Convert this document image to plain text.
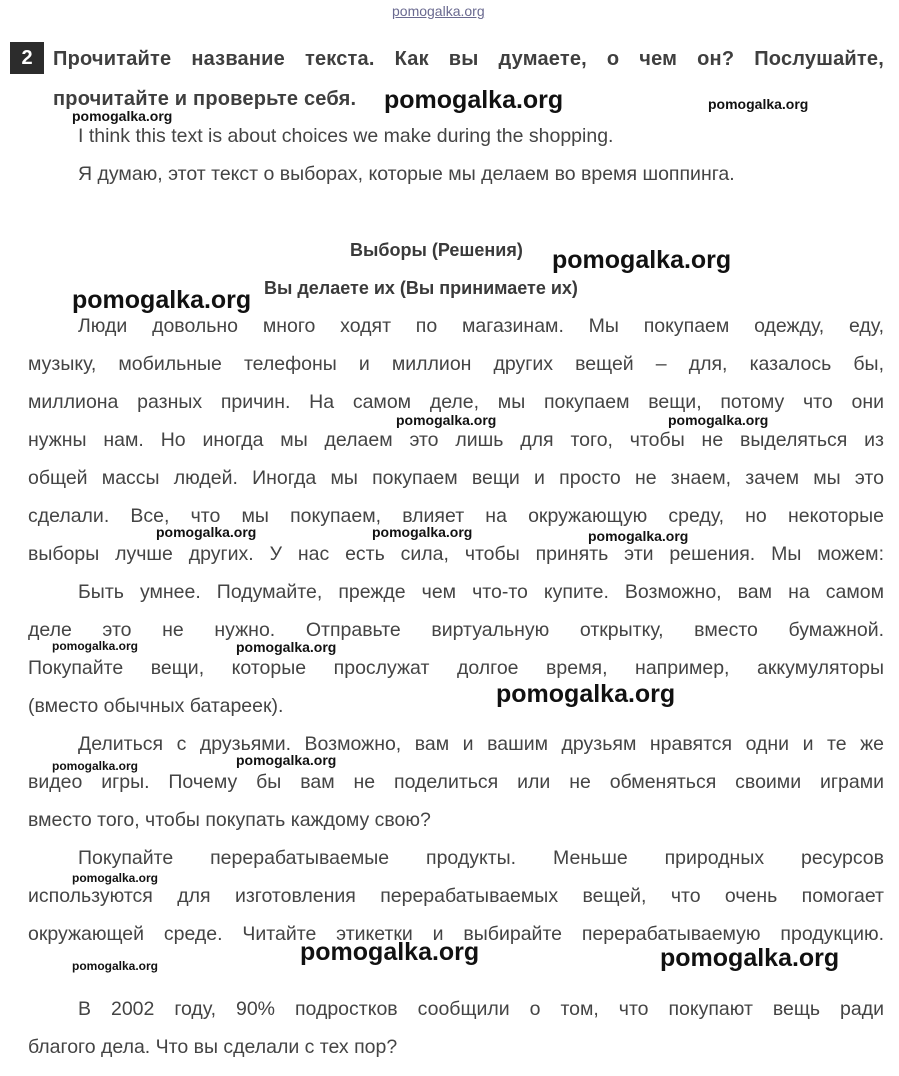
pomogalka.org
2	Прочитайте название текста. Как вы думаете, о чем он? Послушайте,
прочитайте и проверьте себя.
I think this text is about choices we make during the shopping.
Я думаю, этот текст о выборах, которые мы делаем во время шоппинга.
Выборы (Решения)
Вы делаете их (Вы принимаете их)
Люди довольно много ходят по магазинам. Мы покупаем одежду, еду,
музыку, мобильные телефоны и миллион других вещей – для, казалось бы,
миллиона разных причин. На самом деле, мы покупаем вещи, потому что они
нужны нам. Но иногда мы делаем это лишь для того, чтобы не выделяться из
общей массы людей. Иногда мы покупаем вещи и просто не знаем, зачем мы это
сделали. Все, что мы покупаем, влияет на окружающую среду, но некоторые
выборы лучше других. У нас есть сила, чтобы принять эти решения. Мы можем:
Быть умнее. Подумайте, прежде чем что-то купите. Возможно, вам на самом
деле это не нужно. Отправьте виртуальную открытку, вместо бумажной.
Покупайте вещи, которые прослужат долгое время, например, аккумуляторы
(вместо обычных батареек).
Делиться с друзьями. Возможно, вам и вашим друзьям нравятся одни и те же
видео игры. Почему бы вам не поделиться или не обменяться своими играми
вместо того, чтобы покупать каждому свою?
Покупайте перерабатываемые продукты. Меньше природных ресурсов
используются для изготовления перерабатываемых вещей, что очень помогает
окружающей среде. Читайте этикетки и выбирайте перерабатываемую продукцию.
В 2002 году, 90% подростков сообщили о том, что покупают вещь ради
благого дела. Что вы сделали с тех пор?
pomogalka.org	pomogalka.org
pomogalka.org
pomogalka.org
pomogalka.org
pomogalka.org	pomogalka.org
pomogalka.org	pomogalka.org	pomogalka.org
pomogalka.org	pomogalka.org
pomogalka.org
pomogalka.org	pomogalka.org
pomogalka.org
pomogalka.org	pomogalka.org
pomogalka.org
